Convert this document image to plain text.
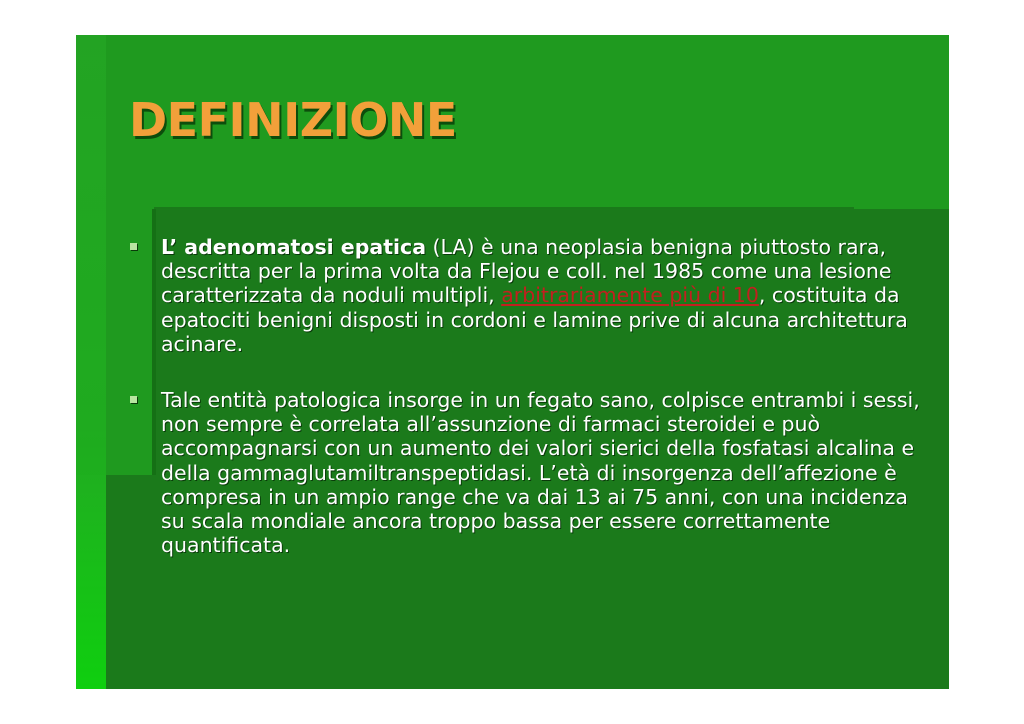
DEFINIZIONE

L’ adenomatosi epatica (LA) è una neoplasia benigna piuttosto rara, descritta per la prima volta da Flejou e coll. nel 1985 come una lesione caratterizzata da noduli multipli, arbitrariamente più di 10, costituita da epatociti benigni disposti in cordoni e lamine prive di alcuna architettura acinare.

Tale entità patologica insorge in un fegato sano, colpisce entrambi i sessi, non sempre è correlata all’assunzione di farmaci steroidei e può accompagnarsi con un aumento dei valori sierici della fosfatasi alcalina e della gammaglutamiltranspeptidasi. L’età di insorgenza dell’affezione è compresa in un ampio range che va dai 13 ai 75 anni, con una incidenza su scala mondiale ancora troppo bassa per essere correttamente quantificata.
